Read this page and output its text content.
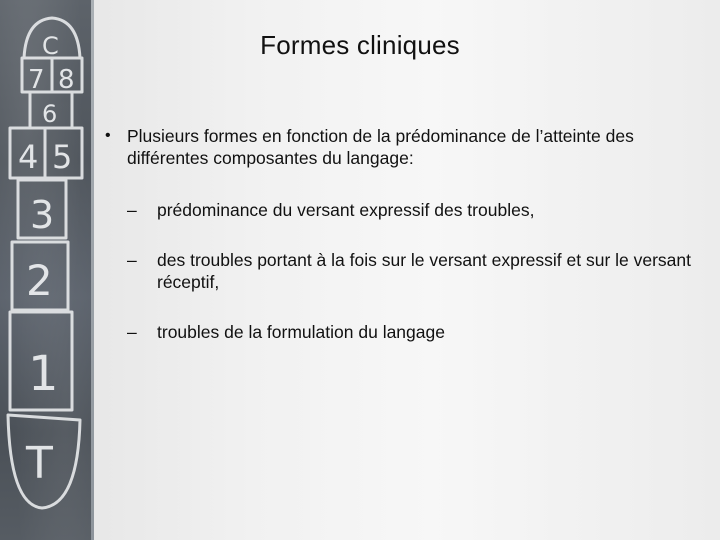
C
7 8
6
4 5
3
2
1
T
Formes cliniques
• Plusieurs formes en fonction de la prédominance de l’atteinte des différentes composantes du langage:
– prédominance du versant expressif des troubles,
– des troubles portant à la fois sur le versant expressif et sur le versant réceptif,
– troubles de la formulation du langage
